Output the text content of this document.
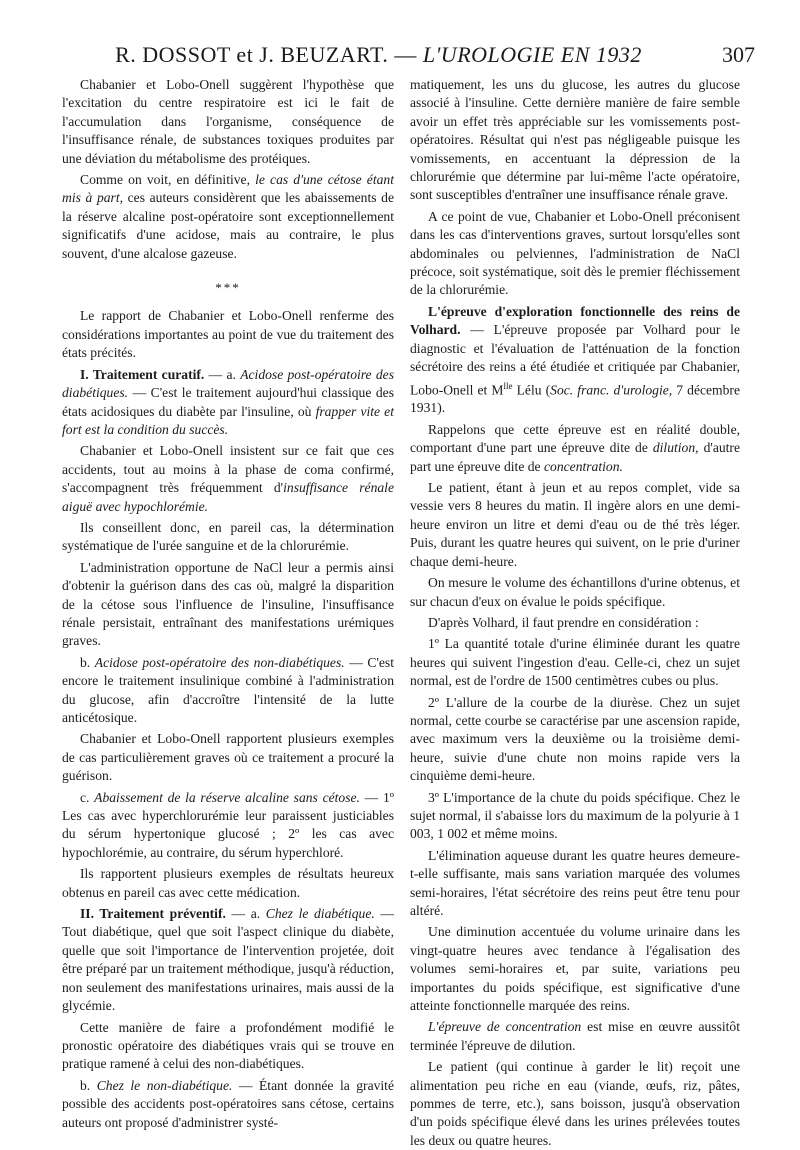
R. DOSSOT et J. BEUZART. — L'UROLOGIE EN 1932	307

Chabanier et Lobo-Onell suggèrent l'hypothèse que l'excitation du centre respiratoire est ici le fait de l'accumulation dans l'organisme, conséquence de l'insuffisance rénale, de substances toxiques produites par une déviation du métabolisme des protéiques.

Comme on voit, en définitive, le cas d'une cétose étant mis à part, ces auteurs considèrent que les abaissements de la réserve alcaline post-opératoire sont exceptionnellement significatifs d'une acidose, mais au contraire, le plus souvent, d'une alcalose gazeuse.

***

Le rapport de Chabanier et Lobo-Onell renferme des considérations importantes au point de vue du traitement des états précités.

I. Traitement curatif. — a. Acidose post-opératoire des diabétiques. — C'est le traitement aujourd'hui classique des états acidosiques du diabète par l'insuline, où frapper vite et fort est la condition du succès.

Chabanier et Lobo-Onell insistent sur ce fait que ces accidents, tout au moins à la phase de coma confirmé, s'accompagnent très fréquemment d'insuffisance rénale aiguë avec hypochlorémie.

Ils conseillent donc, en pareil cas, la détermination systématique de l'urée sanguine et de la chlorurémie.

L'administration opportune de NaCl leur a permis ainsi d'obtenir la guérison dans des cas où, malgré la disparition de la cétose sous l'influence de l'insuline, l'insuffisance rénale persistait, entraînant des manifestations urémiques graves.

b. Acidose post-opératoire des non-diabétiques. — C'est encore le traitement insulinique combiné à l'administration du glucose, afin d'accroître l'intensité de la lutte anticétosique.

Chabanier et Lobo-Onell rapportent plusieurs exemples de cas particulièrement graves où ce traitement a procuré la guérison.

c. Abaissement de la réserve alcaline sans cétose. — 1º Les cas avec hyperchlorurémie leur paraissent justiciables du sérum hypertonique glucosé ; 2º les cas avec hypochlorémie, au contraire, du sérum hyperchloré.

Ils rapportent plusieurs exemples de résultats heureux obtenus en pareil cas avec cette médication.

II. Traitement préventif. — a. Chez le diabétique. — Tout diabétique, quel que soit l'aspect clinique du diabète, quelle que soit l'importance de l'intervention projetée, doit être préparé par un traitement méthodique, jusqu'à réduction, non seulement des manifestations urinaires, mais aussi de la glycémie.

Cette manière de faire a profondément modifié le pronostic opératoire des diabétiques vrais qui se trouve en pratique ramené à celui des non-diabétiques.

b. Chez le non-diabétique. — Étant donnée la gravité possible des accidents post-opératoires sans cétose, certains auteurs ont proposé d'administrer systé-

matiquement, les uns du glucose, les autres du glucose associé à l'insuline. Cette dernière manière de faire semble avoir un effet très appréciable sur les vomissements post-opératoires. Résultat qui n'est pas négligeable puisque les vomissements, en accentuant la dépression de la chlorurémie que détermine par lui-même l'acte opératoire, sont susceptibles d'entraîner une insuffisance rénale grave.

A ce point de vue, Chabanier et Lobo-Onell préconisent dans les cas d'interventions graves, surtout lorsqu'elles sont abdominales ou pelviennes, l'administration de NaCl précoce, soit systématique, soit dès le premier fléchissement de la chlorurémie.

L'épreuve d'exploration fonctionnelle des reins de Volhard. — L'épreuve proposée par Volhard pour le diagnostic et l'évaluation de l'atténuation de la fonction sécrétoire des reins a été étudiée et critiquée par Chabanier, Lobo-Onell et $M^{lle}$ Lélu (Soc. franc. d'urologie, 7 décembre 1931).

Rappelons que cette épreuve est en réalité double, comportant d'une part une épreuve dite de dilution, d'autre part une épreuve dite de concentration.

Le patient, étant à jeun et au repos complet, vide sa vessie vers 8 heures du matin. Il ingère alors en une demi-heure environ un litre et demi d'eau ou de thé très léger. Puis, durant les quatre heures qui suivent, on le prie d'uriner chaque demi-heure.

On mesure le volume des échantillons d'urine obtenus, et sur chacun d'eux on évalue le poids spécifique.

D'après Volhard, il faut prendre en considération :

1º La quantité totale d'urine éliminée durant les quatre heures qui suivent l'ingestion d'eau. Celle-ci, chez un sujet normal, est de l'ordre de 1500 centimètres cubes ou plus.

2º L'allure de la courbe de la diurèse. Chez un sujet normal, cette courbe se caractérise par une ascension rapide, avec maximum vers la deuxième ou la troisième demi-heure, suivie d'une chute non moins rapide vers la cinquième demi-heure.

3º L'importance de la chute du poids spécifique. Chez le sujet normal, il s'abaisse lors du maximum de la polyurie à 1 003, 1 002 et même moins.

L'élimination aqueuse durant les quatre heures demeure-t-elle suffisante, mais sans variation marquée des volumes semi-horaires, l'état sécrétoire des reins peut être tenu pour altéré.

Une diminution accentuée du volume urinaire dans les vingt-quatre heures avec tendance à l'égalisation des volumes semi-horaires et, par suite, variations peu importantes du poids spécifique, est significative d'une atteinte fonctionnelle marquée des reins.

L'épreuve de concentration est mise en œuvre aussitôt terminée l'épreuve de dilution.

Le patient (qui continue à garder le lit) reçoit une alimentation peu riche en eau (viande, œufs, riz, pâtes, pommes de terre, etc.), sans boisson, jusqu'à observation d'un poids spécifique élevé dans les urines prélevées toutes les deux ou quatre heures.
